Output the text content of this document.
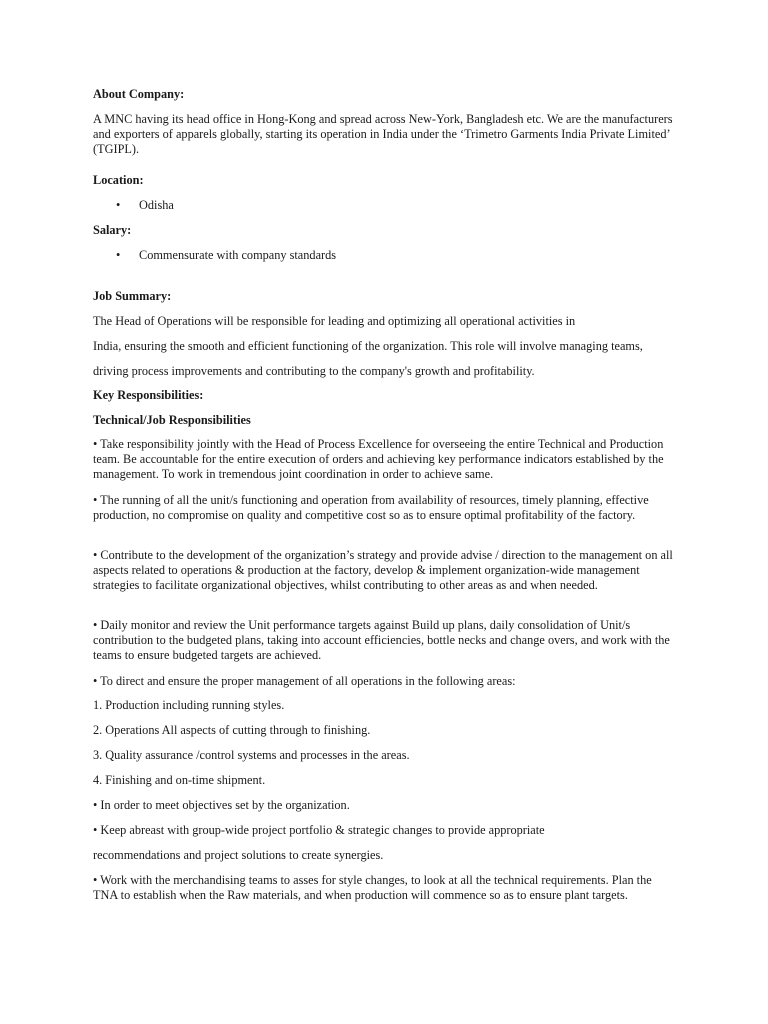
About Company:

A MNC having its head office in Hong-Kong and spread across New-York, Bangladesh etc. We are the manufacturers and exporters of apparels globally, starting its operation in India under the ‘Trimetro Garments India Private Limited’ (TGIPL).

Location:

• Odisha

Salary:

• Commensurate with company standards

Job Summary:

The Head of Operations will be responsible for leading and optimizing all operational activities in

India, ensuring the smooth and efficient functioning of the organization. This role will involve managing teams,

driving process improvements and contributing to the company's growth and profitability.

Key Responsibilities:

Technical/Job Responsibilities

• Take responsibility jointly with the Head of Process Excellence for overseeing the entire Technical and Production team. Be accountable for the entire execution of orders and achieving key performance indicators established by the management. To work in tremendous joint coordination in order to achieve same.

• The running of all the unit/s functioning and operation from availability of resources, timely planning, effective production, no compromise on quality and competitive cost so as to ensure optimal profitability of the factory.

• Contribute to the development of the organization’s strategy and provide advise / direction to the management on all aspects related to operations & production at the factory, develop & implement organization-wide management strategies to facilitate organizational objectives, whilst contributing to other areas as and when needed.

• Daily monitor and review the Unit performance targets against Build up plans, daily consolidation of Unit/s contribution to the budgeted plans, taking into account efficiencies, bottle necks and change overs, and work with the teams to ensure budgeted targets are achieved.

• To direct and ensure the proper management of all operations in the following areas:

1. Production including running styles.

2. Operations All aspects of cutting through to finishing.

3. Quality assurance /control systems and processes in the areas.

4. Finishing and on-time shipment.

• In order to meet objectives set by the organization.

• Keep abreast with group-wide project portfolio & strategic changes to provide appropriate

recommendations and project solutions to create synergies.

• Work with the merchandising teams to asses for style changes, to look at all the technical requirements. Plan the TNA to establish when the Raw materials, and when production will commence so as to ensure plant targets.
